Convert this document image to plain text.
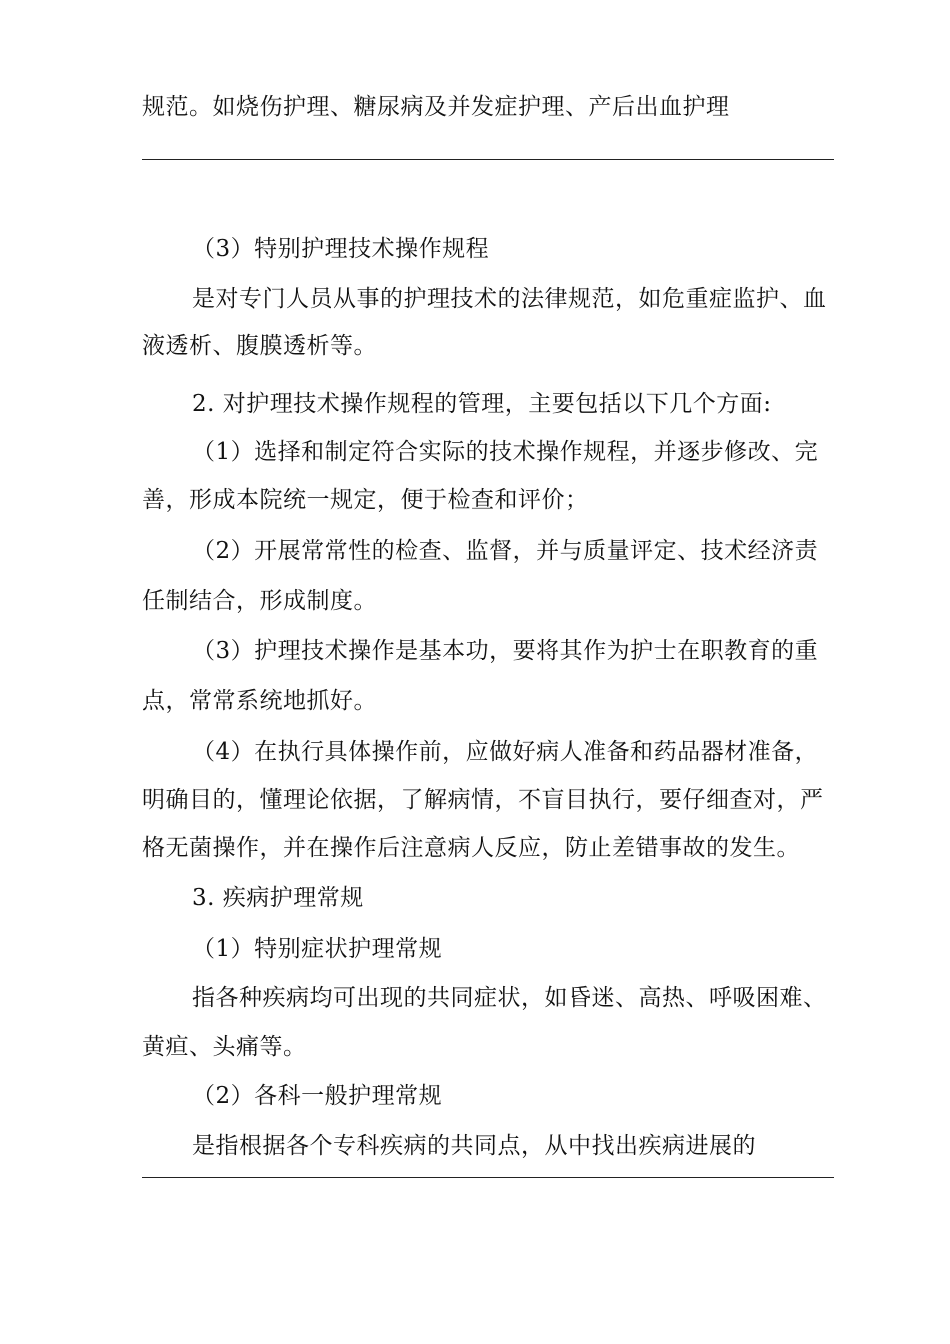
规范。如烧伤护理、糖尿病及并发症护理、产后出血护理
（3）特别护理技术操作规程
是对专门人员从事的护理技术的法律规范，如危重症监护、血
液透析、腹膜透析等。
2. 对护理技术操作规程的管理，主要包括以下几个方面:
（1）选择和制定符合实际的技术操作规程，并逐步修改、完
善，形成本院统一规定，便于检查和评价；
（2）开展常常性的检查、监督，并与质量评定、技术经济责
任制结合，形成制度。
（3）护理技术操作是基本功，要将其作为护士在职教育的重
点，常常系统地抓好。
（4）在执行具体操作前，应做好病人准备和药品器材准备，
明确目的，懂理论依据，了解病情，不盲目执行，要仔细查对，严
格无菌操作，并在操作后注意病人反应，防止差错事故的发生。
3. 疾病护理常规
（1）特别症状护理常规
指各种疾病均可出现的共同症状，如昏迷、高热、呼吸困难、
黄疸、头痛等。
（2）各科一般护理常规
是指根据各个专科疾病的共同点，从中找出疾病进展的
